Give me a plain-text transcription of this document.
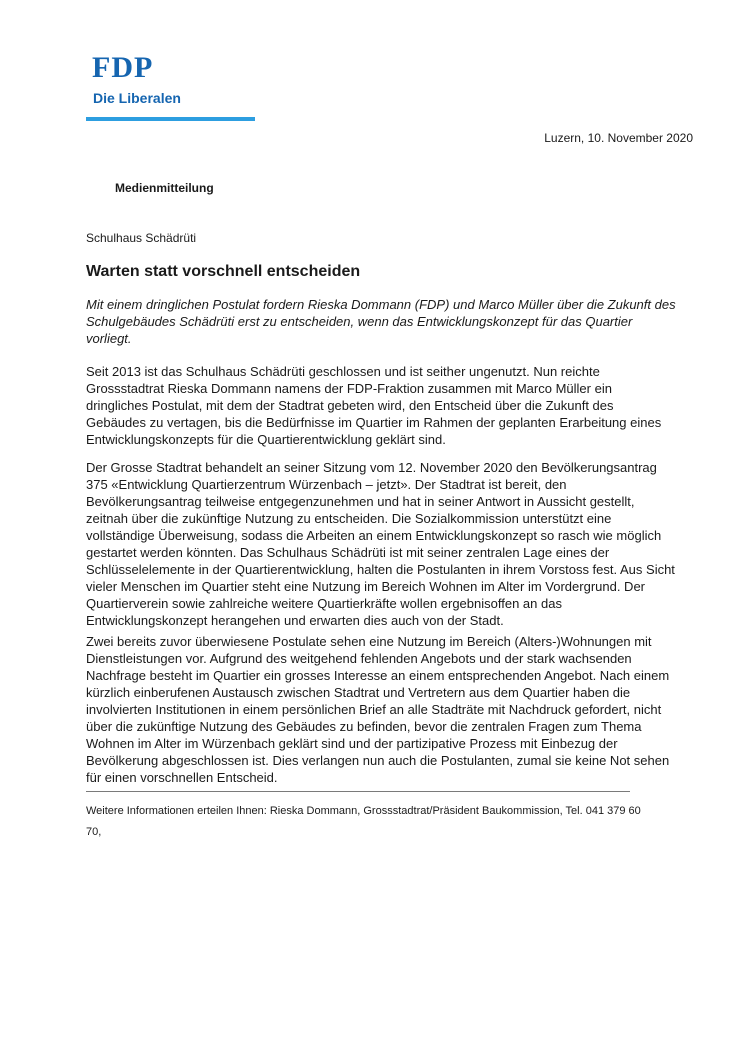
FDP
Die Liberalen
Luzern, 10. November 2020
Medienmitteilung
Schulhaus Schädrüti
Warten statt vorschnell entscheiden

Mit einem dringlichen Postulat fordern Rieska Dommann (FDP) und Marco Müller über die Zukunft des Schulgebäudes Schädrüti erst zu entscheiden, wenn das Entwicklungskonzept für das Quartier vorliegt.

Seit 2013 ist das Schulhaus Schädrüti geschlossen und ist seither ungenutzt. Nun reichte Grossstadtrat Rieska Dommann namens der FDP-Fraktion zusammen mit Marco Müller ein dringliches Postulat, mit dem der Stadtrat gebeten wird, den Entscheid über die Zukunft des Gebäudes zu vertagen, bis die Bedürfnisse im Quartier im Rahmen der geplanten Erarbeitung eines Entwicklungskonzepts für die Quartierentwicklung geklärt sind.

Der Grosse Stadtrat behandelt an seiner Sitzung vom 12. November 2020 den Bevölkerungsantrag 375 «Entwicklung Quartierzentrum Würzenbach – jetzt». Der Stadtrat ist bereit, den Bevölkerungsantrag teilweise entgegenzunehmen und hat in seiner Antwort in Aussicht gestellt, zeitnah über die zukünftige Nutzung zu entscheiden. Die Sozialkommission unterstützt eine vollständige Überweisung, sodass die Arbeiten an einem Entwicklungskonzept so rasch wie möglich gestartet werden könnten. Das Schulhaus Schädrüti ist mit seiner zentralen Lage eines der Schlüsselelemente in der Quartierentwicklung, halten die Postulanten in ihrem Vorstoss fest. Aus Sicht vieler Menschen im Quartier steht eine Nutzung im Bereich Wohnen im Alter im Vordergrund. Der Quartierverein sowie zahlreiche weitere Quartierkräfte wollen ergebnisoffen an das Entwicklungskonzept herangehen und erwarten dies auch von der Stadt.

Zwei bereits zuvor überwiesene Postulate sehen eine Nutzung im Bereich (Alters-)Wohnungen mit Dienstleistungen vor. Aufgrund des weitgehend fehlenden Angebots und der stark wachsenden Nachfrage besteht im Quartier ein grosses Interesse an einem entsprechenden Angebot. Nach einem kürzlich einberufenen Austausch zwischen Stadtrat und Vertretern aus dem Quartier haben die involvierten Institutionen in einem persönlichen Brief an alle Stadträte mit Nachdruck gefordert, nicht über die zukünftige Nutzung des Gebäudes zu befinden, bevor die zentralen Fragen zum Thema Wohnen im Alter im Würzenbach geklärt sind und der partizipative Prozess mit Einbezug der Bevölkerung abgeschlossen ist. Dies verlangen nun auch die Postulanten, zumal sie keine Not sehen für einen vorschnellen Entscheid.

Weitere Informationen erteilen Ihnen: Rieska Dommann, Grossstadtrat/Präsident Baukommission, Tel. 041 379 60 70,
